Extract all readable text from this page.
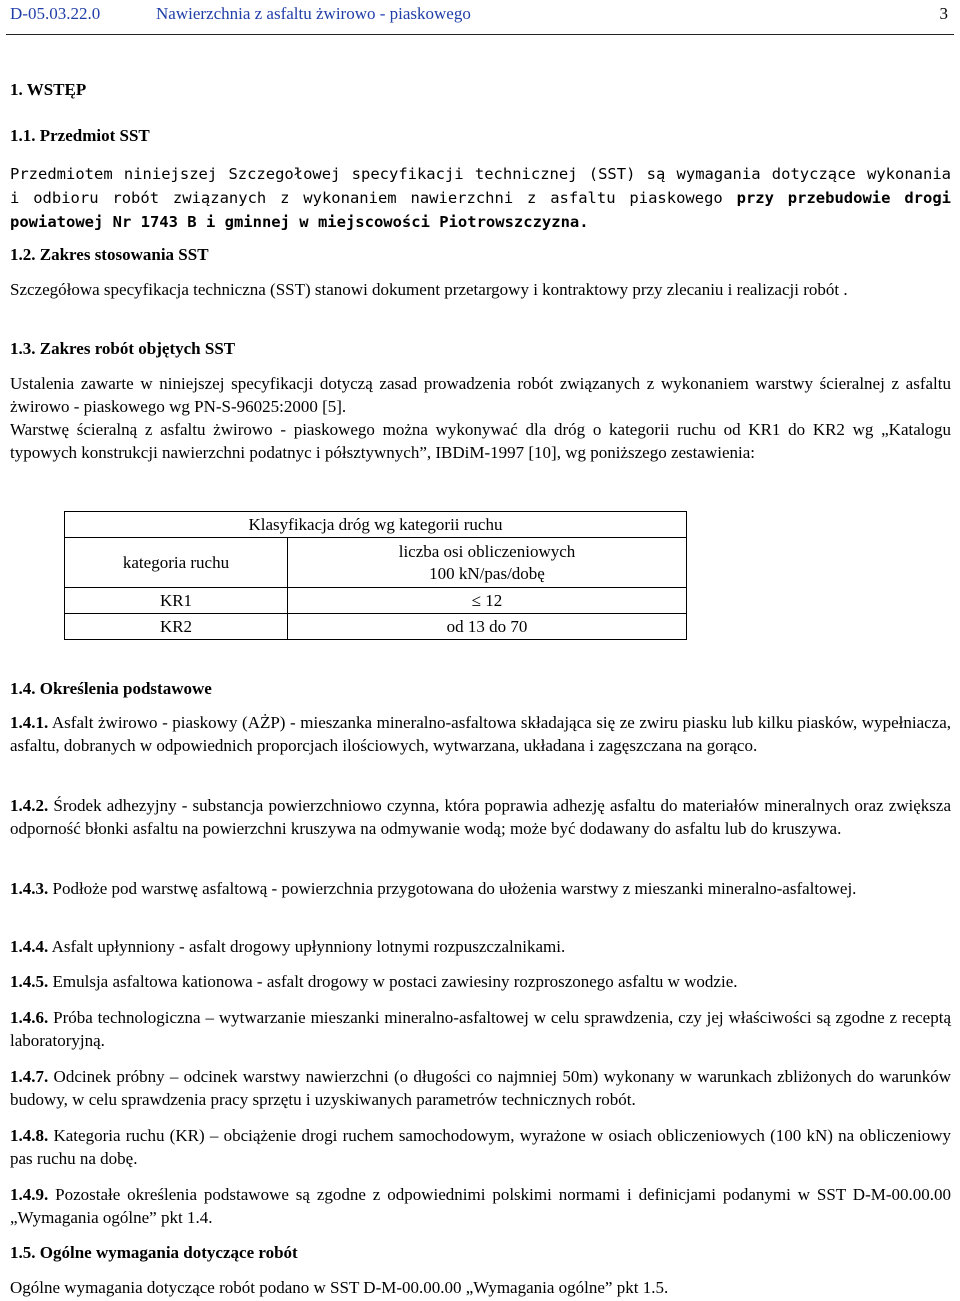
D-05.03.22.0	Nawierzchnia z asfaltu żwirowo - piaskowego	3
1. WSTĘP
1.1. Przedmiot SST
Przedmiotem niniejszej Szczegołowej specyfikacji technicznej (SST) są wymagania dotyczące wykonania i odbioru robót związanych z wykonaniem nawierzchni z asfaltu piaskowego przy przebudowie drogi powiatowej Nr 1743 B i gminnej w miejscowości Piotrowszczyzna.
1.2. Zakres stosowania SST
Szczegółowa specyfikacja techniczna (SST) stanowi dokument przetargowy i kontraktowy przy zlecaniu i realizacji robót .
1.3. Zakres robót objętych SST
Ustalenia zawarte w niniejszej specyfikacji dotyczą zasad prowadzenia robót związanych z wykonaniem warstwy ścieralnej z asfaltu żwirowo - piaskowego wg PN-S-96025:2000 [5].
Warstwę ścieralną z asfaltu żwirowo - piaskowego można wykonywać dla dróg o kategorii ruchu od KR1 do KR2 wg „Katalogu typowych konstrukcji nawierzchni podatnyc i półsztywnych”, IBDiM-1997 [10], wg poniższego zestawienia:
Klasyfikacja dróg wg kategorii ruchu	
kategoria ruchu	liczba osi obliczeniowych
100 kN/pas/dobę

KR1	≤ 12
KR2	od 13 do 70
1.4. Określenia podstawowe
1.4.1. Asfalt żwirowo - piaskowy (AŻP) - mieszanka mineralno-asfaltowa składająca się ze zwiru piasku lub kilku piasków, wypełniacza, asfaltu, dobranych w odpowiednich proporcjach ilościowych, wytwarzana, układana i zagęszczana na gorąco.
1.4.2. Środek adhezyjny - substancja powierzchniowo czynna, która poprawia adhezję asfaltu do materiałów mineralnych oraz zwiększa odporność błonki asfaltu na powierzchni kruszywa na odmywanie wodą; może być dodawany do asfaltu lub do kruszywa.
1.4.3. Podłoże pod warstwę asfaltową - powierzchnia przygotowana do ułożenia warstwy z mieszanki mineralno-asfaltowej.
1.4.4. Asfalt upłynniony - asfalt drogowy upłynniony lotnymi rozpuszczalnikami.
1.4.5. Emulsja asfaltowa kationowa - asfalt drogowy w postaci zawiesiny rozproszonego asfaltu w wodzie.
1.4.6. Próba technologiczna – wytwarzanie mieszanki mineralno-asfaltowej w celu sprawdzenia, czy jej właściwości są zgodne z receptą laboratoryjną.
1.4.7. Odcinek próbny – odcinek warstwy nawierzchni (o długości co najmniej 50m) wykonany w warunkach zbliżonych do warunków budowy, w celu sprawdzenia pracy sprzętu i uzyskiwanych parametrów technicznych robót.
1.4.8. Kategoria ruchu (KR) – obciążenie drogi ruchem samochodowym, wyrażone w osiach obliczeniowych (100 kN) na obliczeniowy pas ruchu na dobę.
1.4.9. Pozostałe określenia podstawowe są zgodne z odpowiednimi polskimi normami i definicjami podanymi w SST D-M-00.00.00 „Wymagania ogólne” pkt 1.4.
1.5. Ogólne wymagania dotyczące robót
Ogólne wymagania dotyczące robót podano w SST D-M-00.00.00 „Wymagania ogólne” pkt 1.5.
